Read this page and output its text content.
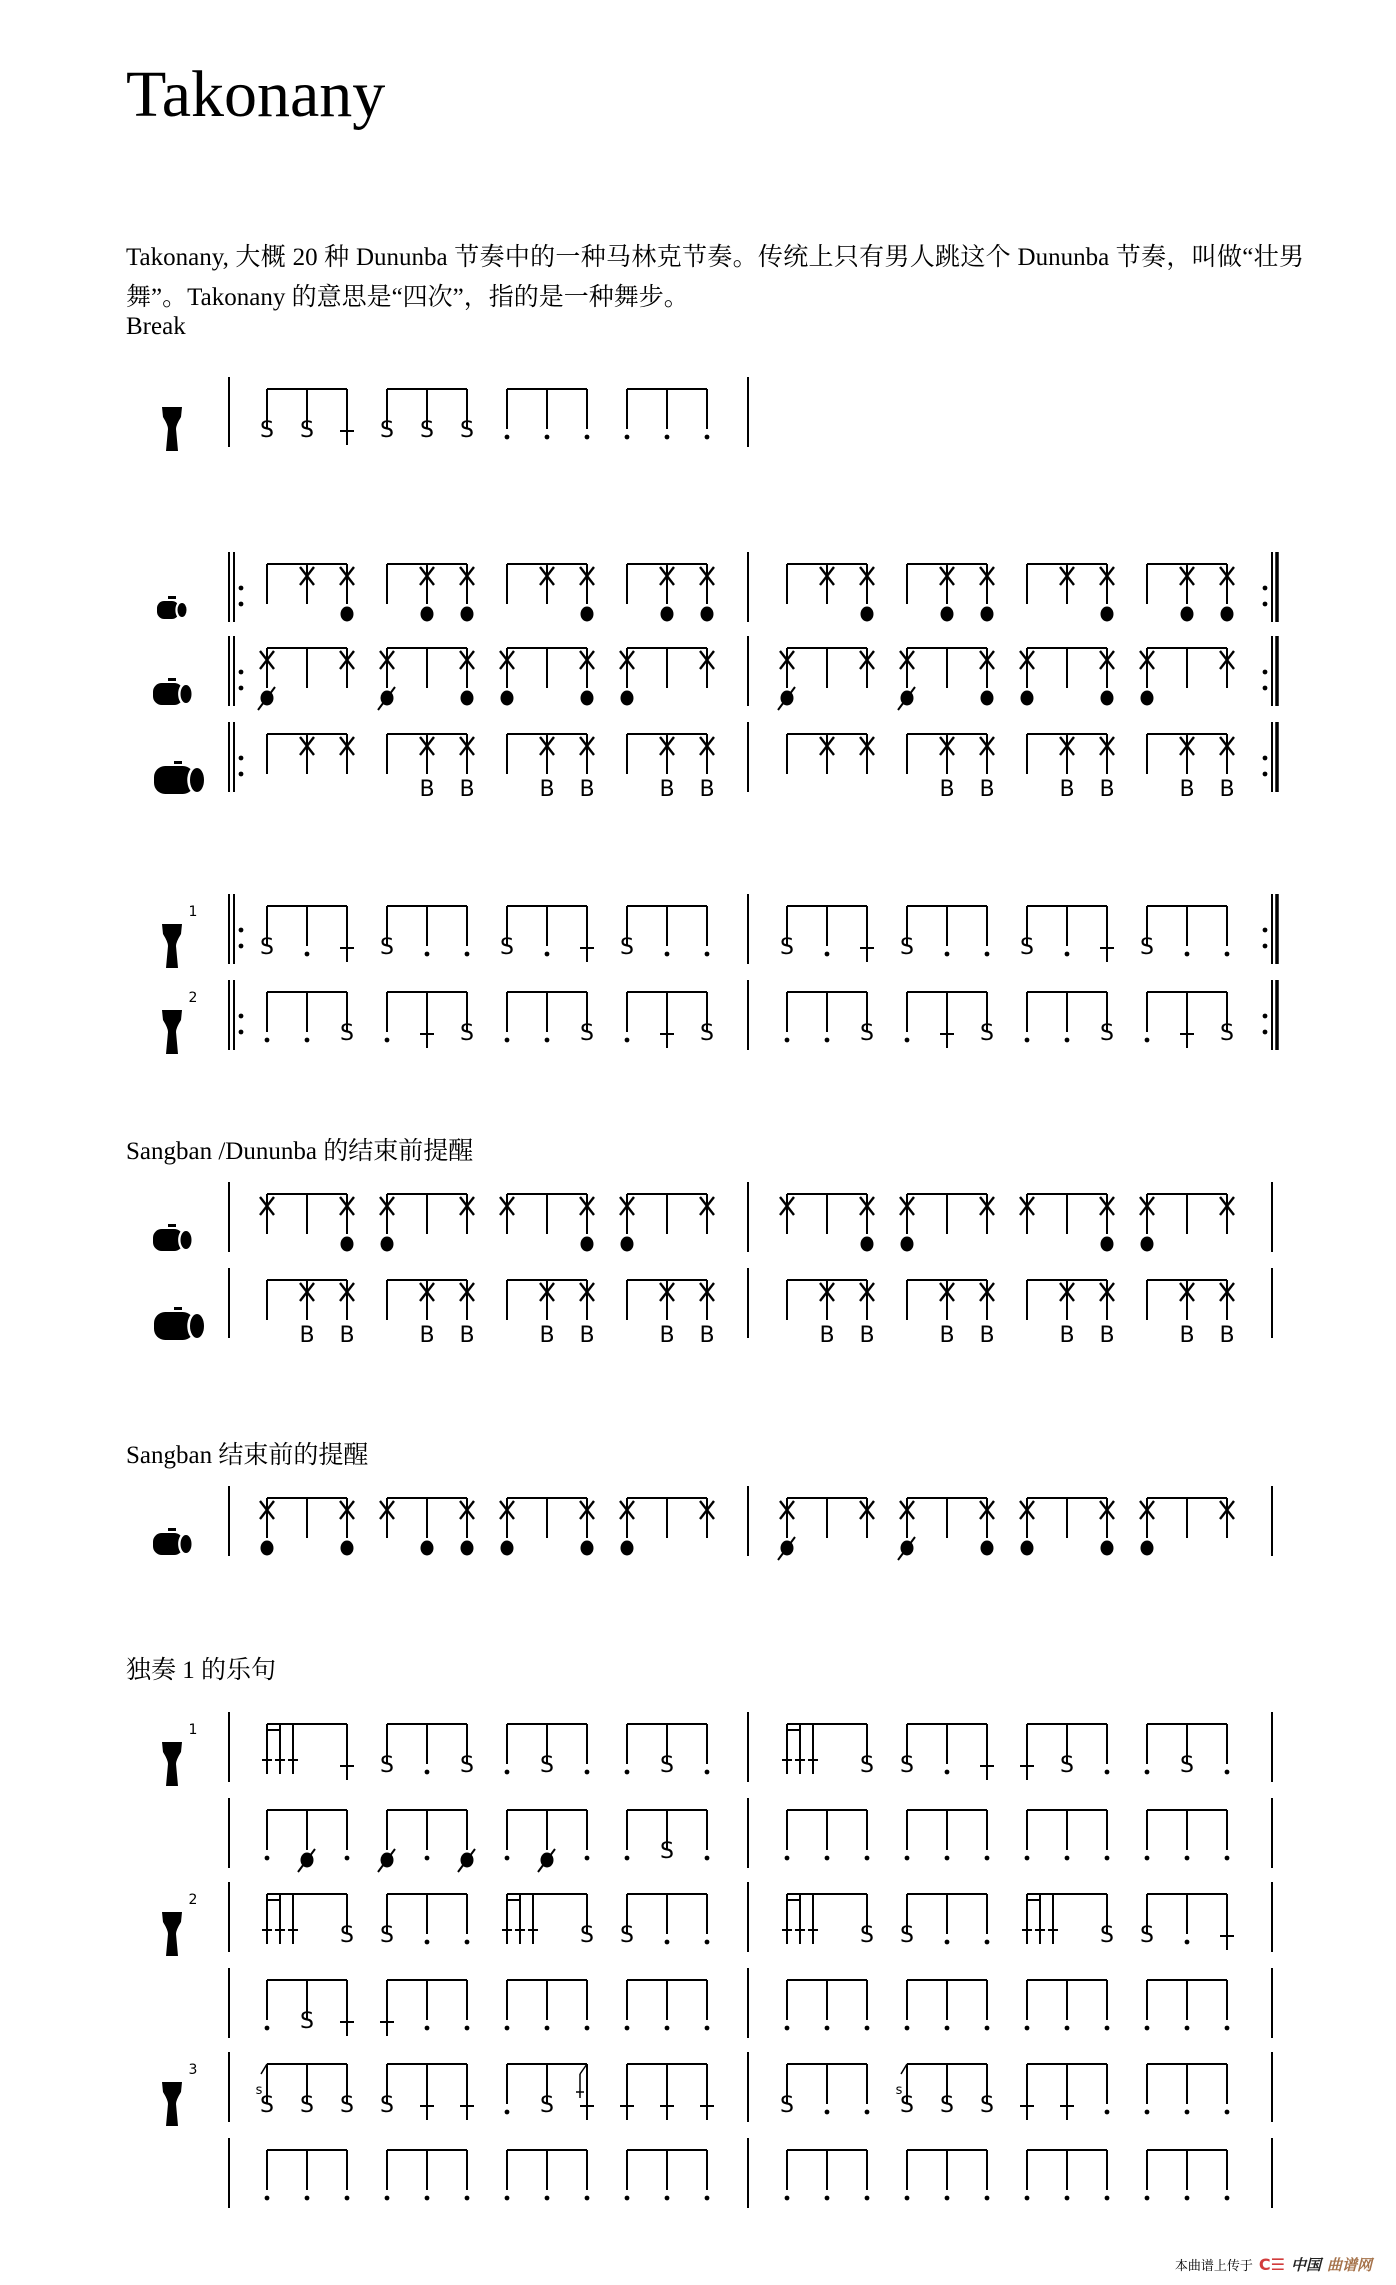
Takonany
Takonany, 大概 20 种 Dununba 节奏中的一种马林克节奏。传统上只有男人跳这个 Dununba 节奏，叫做“壮男舞”。Takonany 的意思是“四次”，指的是一种舞步。
Break
Sangban /Dununba 的结束前提醒
Sangban 结束前的提醒
独奏 1 的乐句
S S	S S S
B B	B B	B B	B B	B B	B B
1
S	S	S	S	S	S	S	S
2
S	S	S	S	S	S	S	S
B B	B B	B B	B B	B B	B B	B B	B B
1
S	S	S	S	S S	S	S
S
2
S S	S S	S S	S S
S
3
S
s
S S S	S	S	S
s
S S
本曲谱上传于 C☰ 中国 曲谱网
